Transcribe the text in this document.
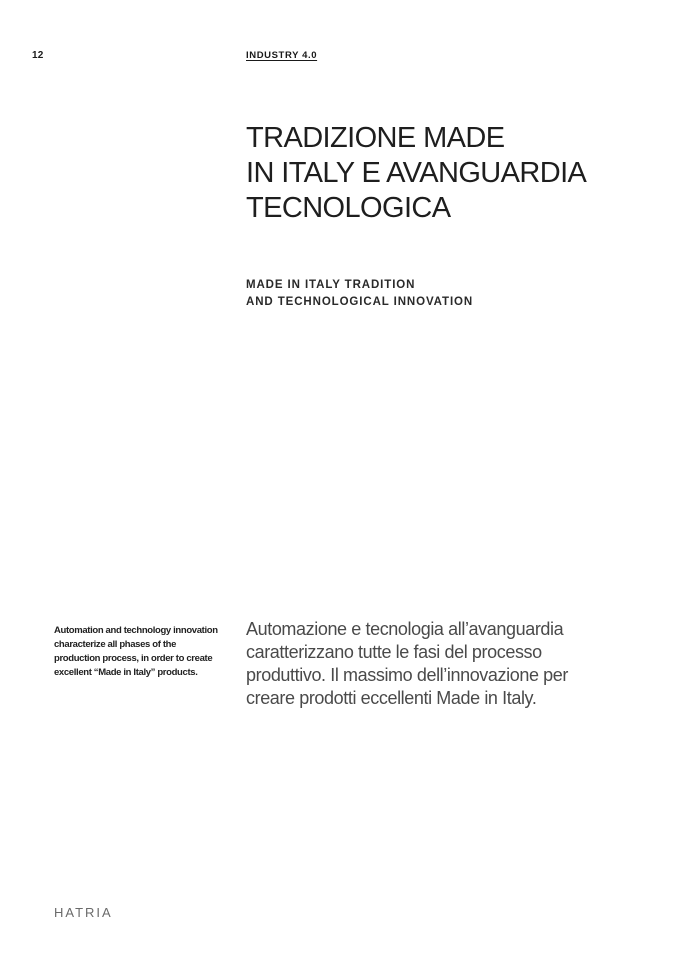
12	INDUSTRY 4.0
TRADIZIONE MADE
IN ITALY E AVANGUARDIA
TECNOLOGICA
MADE IN ITALY TRADITION
AND TECHNOLOGICAL INNOVATION

Automation and technology innovation
characterize all phases of the
production process, in order to create
excellent “Made in Italy” products.

Automazione e tecnologia all’avanguardia
caratterizzano tutte le fasi del processo
produttivo. Il massimo dell’innovazione per
creare prodotti eccellenti Made in Italy.

HATRIA
